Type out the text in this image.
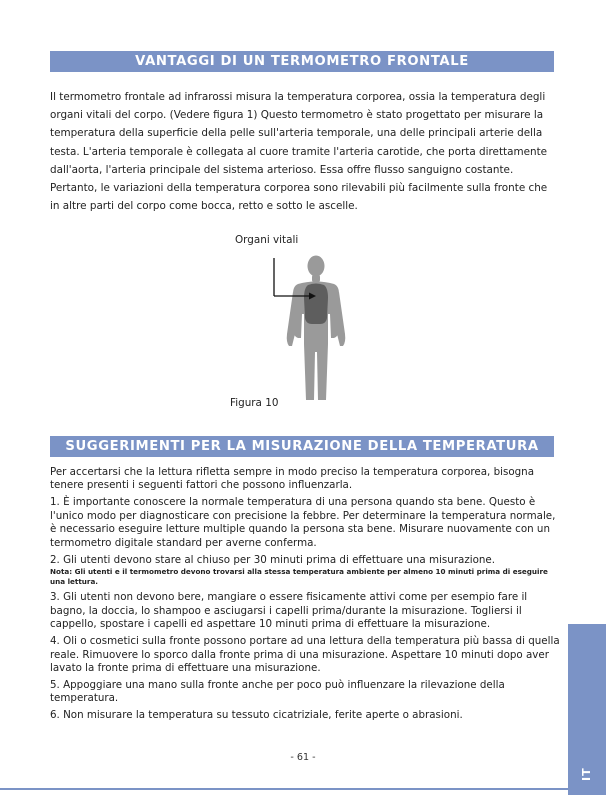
VANTAGGI DI UN TERMOMETRO FRONTALE

Il termometro frontale ad infrarossi misura la temperatura corporea, ossia la temperatura degli organi vitali del corpo. (Vedere figura 1) Questo termometro è stato progettato per misurare la temperatura della superficie della pelle sull'arteria temporale, una delle principali arterie della testa. L'arteria temporale è collegata al cuore tramite l'arteria carotide, che porta direttamente dall'aorta, l'arteria principale del sistema arterioso. Essa offre flusso sanguigno costante. Pertanto, le variazioni della temperatura corporea sono rilevabili più facilmente sulla fronte che in altre parti del corpo come bocca, retto e sotto le ascelle.

Organi vitali
Figura 10
SUGGERIMENTI PER LA MISURAZIONE DELLA TEMPERATURA

Per accertarsi che la lettura rifletta sempre in modo preciso la temperatura corporea, bisogna tenere presenti i seguenti fattori che possono influenzarla.

1. È importante conoscere la normale temperatura di una persona quando sta bene. Questo è l'unico modo per diagnosticare con precisione la febbre. Per determinare la temperatura normale, è necessario eseguire letture multiple quando la persona sta bene. Misurare nuovamente con un termometro digitale standard per averne conferma.

2. Gli utenti devono stare al chiuso per 30 minuti prima di effettuare una misurazione.

Nota: Gli utenti e il termometro devono trovarsi alla stessa temperatura ambiente per almeno 10 minuti prima di eseguire una lettura.

3. Gli utenti non devono bere, mangiare o essere fisicamente attivi come per esempio fare il bagno, la doccia, lo shampoo e asciugarsi i capelli prima/durante la misurazione. Togliersi il cappello, spostare i capelli ed aspettare 10 minuti prima di effettuare la misurazione.

4. Oli o cosmetici sulla fronte possono portare ad una lettura della temperatura più bassa di quella reale. Rimuovere lo sporco dalla fronte prima di una misurazione. Aspettare 10 minuti dopo aver lavato la fronte prima di effettuare una misurazione.

5. Appoggiare una mano sulla fronte anche per poco può influenzare la rilevazione della temperatura.

6. Non misurare la temperatura su tessuto cicatriziale, ferite aperte o abrasioni.

- 61 -
IT
